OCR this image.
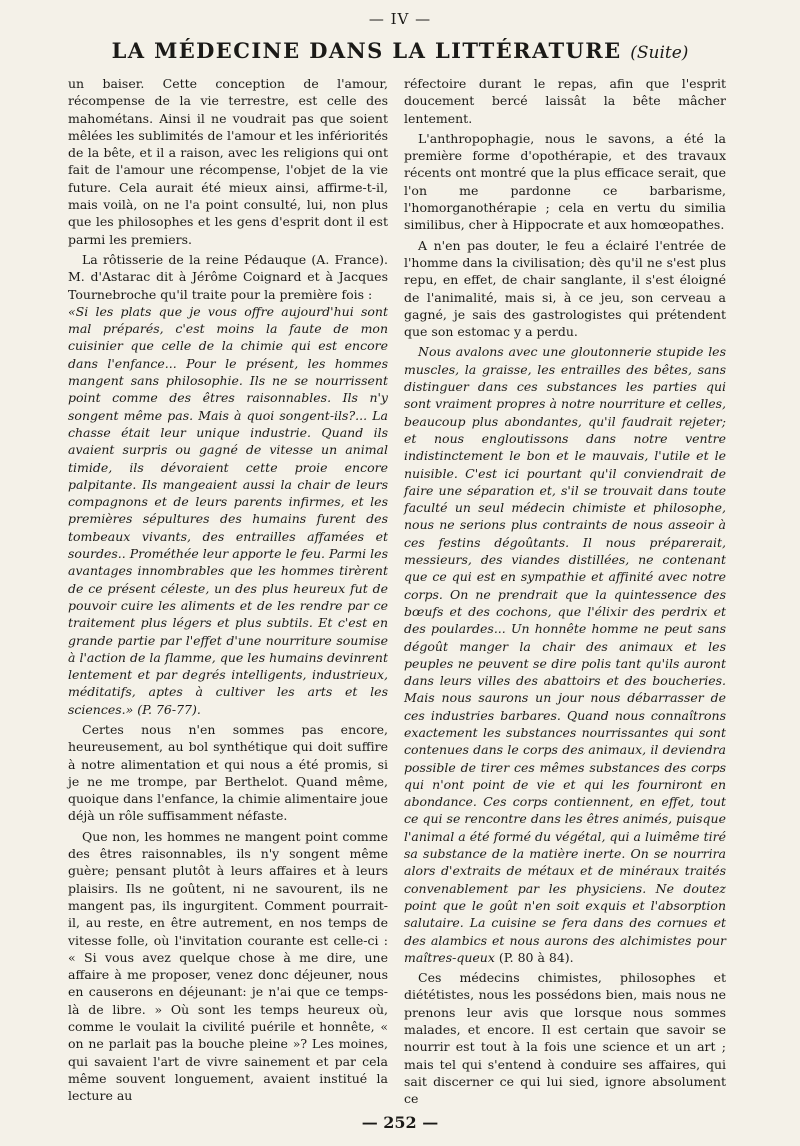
— IV —
LA MÉDECINE DANS LA LITTÉRATURE (Suite)

un baiser. Cette conception de l'amour, récompense de la vie terrestre, est celle des mahométans. Ainsi il ne voudrait pas que soient mêlées les sublimités de l'amour et les infériorités de la bête, et il a raison, avec les religions qui ont fait de l'amour une récompense, l'objet de la vie future. Cela aurait été mieux ainsi, affirme-t-il, mais voilà, on ne l'a point consulté, lui, non plus que les philosophes et les gens d'esprit dont il est parmi les premiers.

La rôtisserie de la reine Pédauque (A. France). M. d'Astarac dit à Jérôme Coignard et à Jacques Tournebroche qu'il traite pour la première fois :

«Si les plats que je vous offre aujourd'hui sont mal préparés, c'est moins la faute de mon cuisinier que celle de la chimie qui est encore dans l'enfance... Pour le présent, les hommes mangent sans philosophie. Ils ne se nourrissent point comme des êtres raisonnables. Ils n'y songent même pas. Mais à quoi songent-ils?... La chasse était leur unique industrie. Quand ils avaient surpris ou gagné de vitesse un animal timide, ils dévoraient cette proie encore palpitante. Ils mangeaient aussi la chair de leurs compagnons et de leurs parents infirmes, et les premières sépultures des humains furent des tombeaux vivants, des entrailles affamées et sourdes.. Prométhée leur apporte le feu. Parmi les avantages innombrables que les hommes tirèrent de ce présent céleste, un des plus heureux fut de pouvoir cuire les aliments et de les rendre par ce traitement plus légers et plus subtils. Et c'est en grande partie par l'effet d'une nourriture soumise à l'action de la flamme, que les humains devinrent lentement et par degrés intelligents, industrieux, méditatifs, aptes à cultiver les arts et les sciences.» (P. 76-77).

Certes nous n'en sommes pas encore, heureusement, au bol synthétique qui doit suffire à notre alimentation et qui nous a été promis, si je ne me trompe, par Berthelot. Quand même, quoique dans l'enfance, la chimie alimentaire joue déjà un rôle suffisamment néfaste.

Que non, les hommes ne mangent point comme des êtres raisonnables, ils n'y songent même guère; pensant plutôt à leurs affaires et à leurs plaisirs. Ils ne goûtent, ni ne savourent, ils ne mangent pas, ils ingurgitent. Comment pourrait-il, au reste, en être autrement, en nos temps de vitesse folle, où l'invitation courante est celle-ci : « Si vous avez quelque chose à me dire, une affaire à me proposer, venez donc déjeuner, nous en causerons en déjeunant: je n'ai que ce temps-là de libre. » Où sont les temps heureux où, comme le voulait la civilité puérile et honnête, « on ne parlait pas la bouche pleine »? Les moines, qui savaient l'art de vivre sainement et par cela même souvent longuement, avaient institué la lecture au

réfectoire durant le repas, afin que l'esprit doucement bercé laissât la bête mâcher lentement.

L'anthropophagie, nous le savons, a été la première forme d'opothérapie, et des travaux récents ont montré que la plus efficace serait, que l'on me pardonne ce barbarisme, l'homorganothérapie ; cela en vertu du similia similibus, cher à Hippocrate et aux homœopathes.

A n'en pas douter, le feu a éclairé l'entrée de l'homme dans la civilisation; dès qu'il ne s'est plus repu, en effet, de chair sanglante, il s'est éloigné de l'animalité, mais si, à ce jeu, son cerveau a gagné, je sais des gastrologistes qui prétendent que son estomac y a perdu.

Nous avalons avec une gloutonnerie stupide les muscles, la graisse, les entrailles des bêtes, sans distinguer dans ces substances les parties qui sont vraiment propres à notre nourriture et celles, beaucoup plus abondantes, qu'il faudrait rejeter; et nous engloutissons dans notre ventre indistinctement le bon et le mauvais, l'utile et le nuisible. C'est ici pourtant qu'il conviendrait de faire une séparation et, s'il se trouvait dans toute faculté un seul médecin chimiste et philosophe, nous ne serions plus contraints de nous asseoir à ces festins dégoûtants. Il nous préparerait, messieurs, des viandes distillées, ne contenant que ce qui est en sympathie et affinité avec notre corps. On ne prendrait que la quintessence des bœufs et des cochons, que l'élixir des perdrix et des poulardes... Un honnête homme ne peut sans dégoût manger la chair des animaux et les peuples ne peuvent se dire polis tant qu'ils auront dans leurs villes des abattoirs et des boucheries. Mais nous saurons un jour nous débarrasser de ces industries barbares. Quand nous connaîtrons exactement les substances nourrissantes qui sont contenues dans le corps des animaux, il deviendra possible de tirer ces mêmes substances des corps qui n'ont point de vie et qui les fourniront en abondance. Ces corps contiennent, en effet, tout ce qui se rencontre dans les êtres animés, puisque l'animal a été formé du végétal, qui a luimême tiré sa substance de la matière inerte. On se nourrira alors d'extraits de métaux et de minéraux traités convenablement par les physiciens. Ne doutez point que le goût n'en soit exquis et l'absorption salutaire. La cuisine se fera dans des cornues et des alambics et nous aurons des alchimistes pour maîtres-queux (P. 80 à 84).

Ces médecins chimistes, philosophes et diététistes, nous les possédons bien, mais nous ne prenons leur avis que lorsque nous sommes malades, et encore. Il est certain que savoir se nourrir est tout à la fois une science et un art ; mais tel qui s'entend à conduire ses affaires, qui sait discerner ce qui lui sied, ignore absolument ce

— 252 —
